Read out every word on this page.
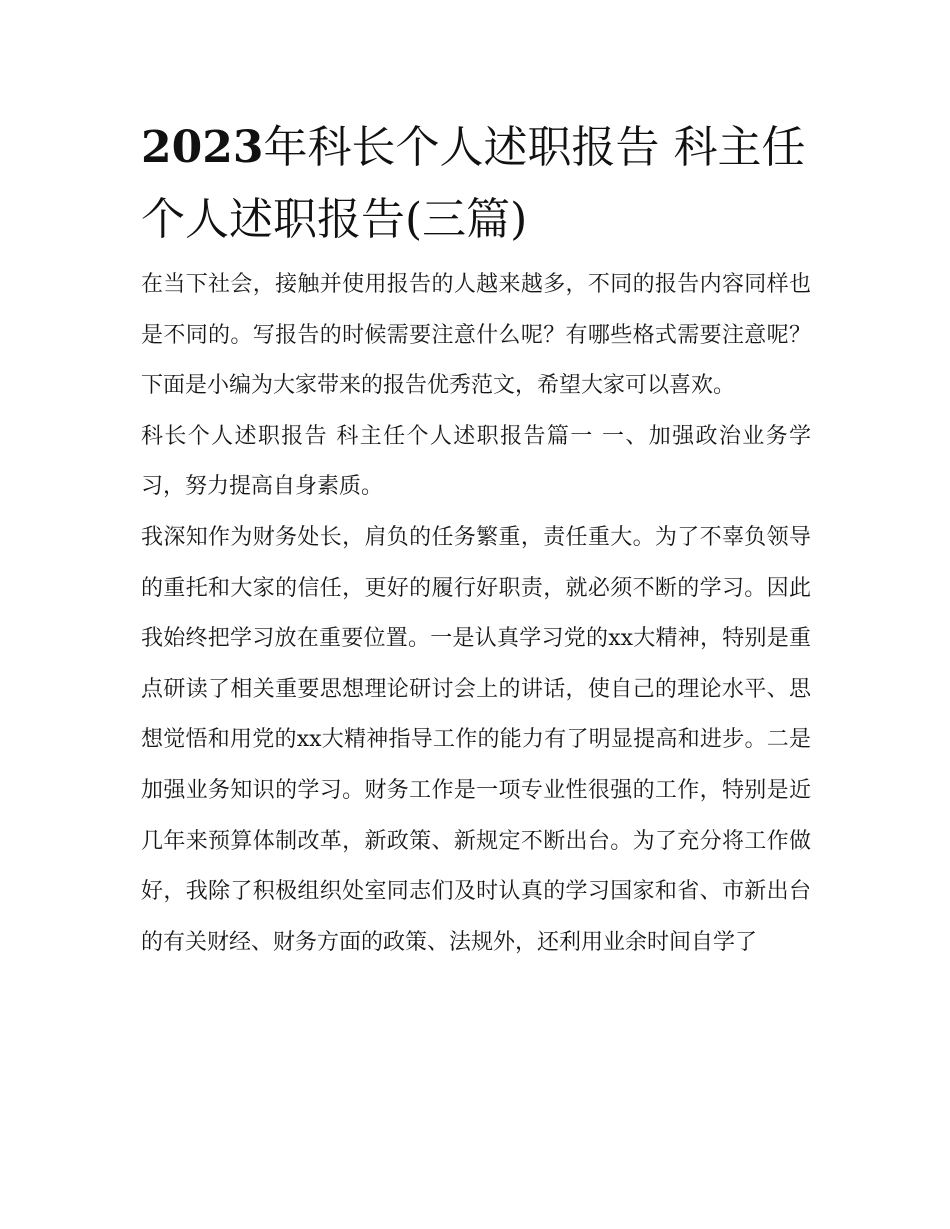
2023年科长个人述职报告 科主任个人述职报告(三篇)

在当下社会，接触并使用报告的人越来越多，不同的报告内容同样也是不同的。写报告的时候需要注意什么呢？有哪些格式需要注意呢？下面是小编为大家带来的报告优秀范文，希望大家可以喜欢。

科长个人述职报告 科主任个人述职报告篇一 一、加强政治业务学习，努力提高自身素质。

我深知作为财务处长，肩负的任务繁重，责任重大。为了不辜负领导的重托和大家的信任，更好的履行好职责，就必须不断的学习。因此我始终把学习放在重要位置。一是认真学习党的xx大精神，特别是重点研读了相关重要思想理论研讨会上的讲话，使自己的理论水平、思想觉悟和用党的xx大精神指导工作的能力有了明显提高和进步。二是加强业务知识的学习。财务工作是一项专业性很强的工作，特别是近几年来预算体制改革，新政策、新规定不断出台。为了充分将工作做好，我除了积极组织处室同志们及时认真的学习国家和省、市新出台的有关财经、财务方面的政策、法规外，还利用业余时间自学了
